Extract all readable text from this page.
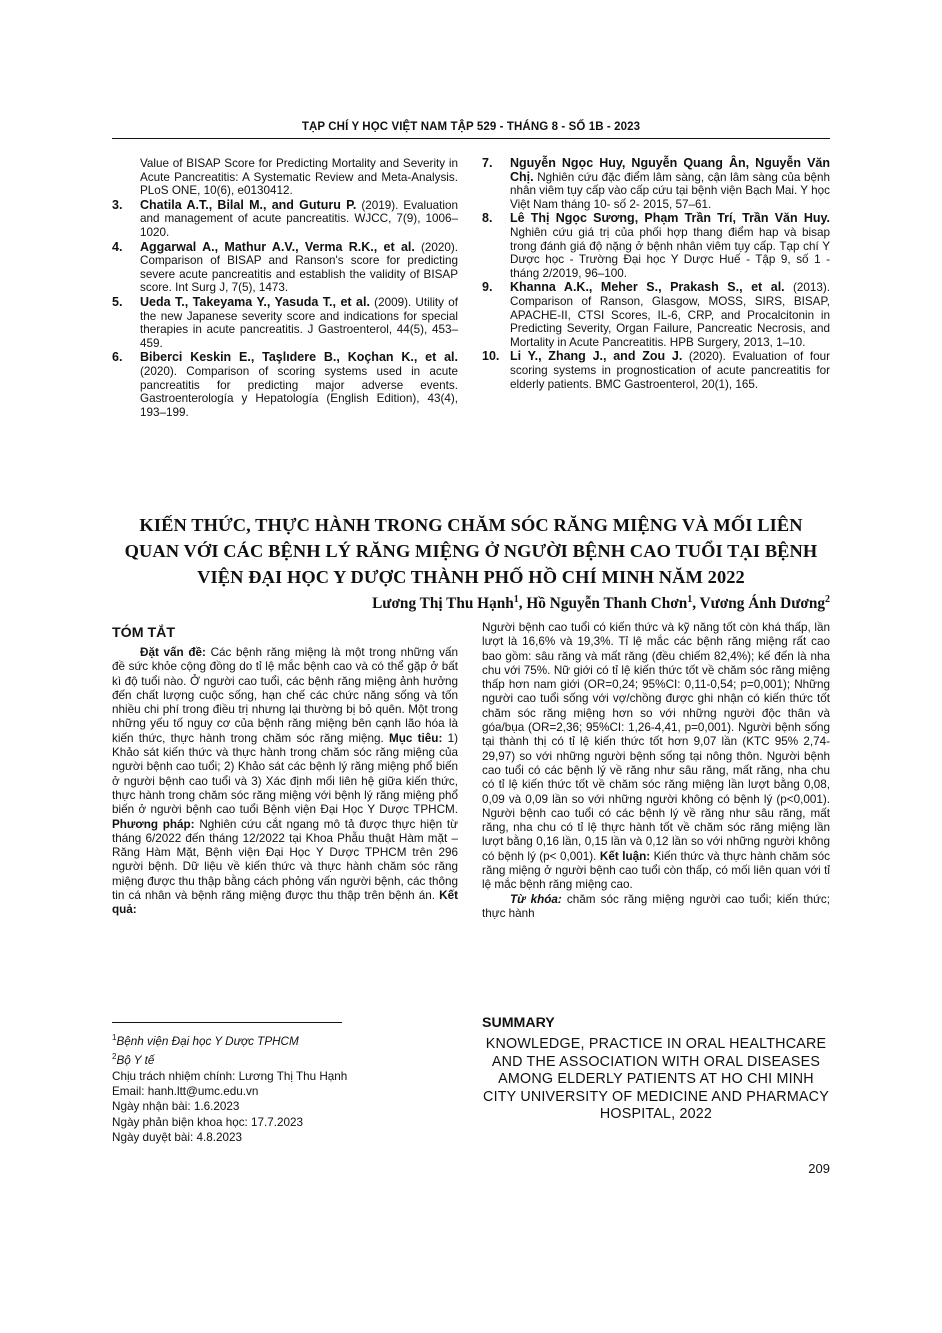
TẠP CHÍ Y HỌC VIỆT NAM TẬP 529 - THÁNG 8 - SỐ 1B - 2023
Value of BISAP Score for Predicting Mortality and Severity in Acute Pancreatitis: A Systematic Review and Meta-Analysis. PLoS ONE, 10(6), e0130412.
3. Chatila A.T., Bilal M., and Guturu P. (2019). Evaluation and management of acute pancreatitis. WJCC, 7(9), 1006–1020.
4. Aggarwal A., Mathur A.V., Verma R.K., et al. (2020). Comparison of BISAP and Ranson's score for predicting severe acute pancreatitis and establish the validity of BISAP score. Int Surg J, 7(5), 1473.
5. Ueda T., Takeyama Y., Yasuda T., et al. (2009). Utility of the new Japanese severity score and indications for special therapies in acute pancreatitis. J Gastroenterol, 44(5), 453–459.
6. Biberci Keskin E., Taşlıdere B., Koçhan K., et al. (2020). Comparison of scoring systems used in acute pancreatitis for predicting major adverse events. Gastroenterología y Hepatología (English Edition), 43(4), 193–199.
7. Nguyễn Ngọc Huy, Nguyễn Quang Ân, Nguyễn Văn Chị. Nghiên cứu đặc điểm lâm sàng, cận lâm sàng của bệnh nhân viêm tụy cấp vào cấp cứu tại bệnh viện Bạch Mai. Y học Việt Nam tháng 10- số 2- 2015, 57–61.
8. Lê Thị Ngọc Sương, Phạm Trần Trí, Trần Văn Huy. Nghiên cứu giá trị của phối hợp thang điểm hap và bisap trong đánh giá độ nặng ở bệnh nhân viêm tụy cấp. Tạp chí Y Dược học - Trường Đại học Y Dược Huế - Tập 9, số 1 - tháng 2/2019, 96–100.
9. Khanna A.K., Meher S., Prakash S., et al. (2013). Comparison of Ranson, Glasgow, MOSS, SIRS, BISAP, APACHE-II, CTSI Scores, IL-6, CRP, and Procalcitonin in Predicting Severity, Organ Failure, Pancreatic Necrosis, and Mortality in Acute Pancreatitis. HPB Surgery, 2013, 1–10.
10. Li Y., Zhang J., and Zou J. (2020). Evaluation of four scoring systems in prognostication of acute pancreatitis for elderly patients. BMC Gastroenterol, 20(1), 165.
KIẾN THỨC, THỰC HÀNH TRONG CHĂM SÓC RĂNG MIỆNG VÀ MỐI LIÊN QUAN VỚI CÁC BỆNH LÝ RĂNG MIỆNG Ở NGƯỜI BỆNH CAO TUỔI TẠI BỆNH VIỆN ĐẠI HỌC Y DƯỢC THÀNH PHỐ HỒ CHÍ MINH NĂM 2022
Lương Thị Thu Hạnh$^1$, Hồ Nguyễn Thanh Chơn$^1$, Vương Ánh Dương$^2$
TÓM TẮT
Đặt vấn đề: Các bệnh răng miệng là một trong những vấn đề sức khỏe cộng đồng do tỉ lệ mắc bệnh cao và có thể gặp ở bất kì độ tuổi nào. Ở người cao tuổi, các bệnh răng miệng ảnh hưởng đến chất lượng cuộc sống, hạn chế các chức năng sống và tốn nhiều chi phí trong điều trị nhưng lại thường bị bỏ quên. Một trong những yếu tố nguy cơ của bệnh răng miệng bên cạnh lão hóa là kiến thức, thực hành trong chăm sóc răng miệng. Mục tiêu: 1) Khảo sát kiến thức và thực hành trong chăm sóc răng miệng của người bệnh cao tuổi; 2) Khảo sát các bệnh lý răng miệng phổ biến ở người bệnh cao tuổi và 3) Xác định mối liên hệ giữa kiến thức, thực hành trong chăm sóc răng miệng với bệnh lý răng miệng phổ biến ở người bệnh cao tuổi Bệnh viện Đại Học Y Dược TPHCM. Phương pháp: Nghiên cứu cắt ngang mô tả được thực hiện từ tháng 6/2022 đến tháng 12/2022 tại Khoa Phẫu thuật Hàm mặt – Răng Hàm Mặt, Bệnh viện Đại Học Y Dược TPHCM trên 296 người bệnh. Dữ liệu về kiến thức và thực hành chăm sóc răng miệng được thu thập bằng cách phỏng vấn người bệnh, các thông tin cá nhân và bệnh răng miệng được thu thập trên bệnh án. Kết quả:
Người bệnh cao tuổi có kiến thức và kỹ năng tốt còn khá thấp, lần lượt là 16,6% và 19,3%. Tỉ lệ mắc các bệnh răng miệng rất cao bao gồm: sâu răng và mất răng (đều chiếm 82,4%); kế đến là nha chu với 75%. Nữ giới có tỉ lệ kiến thức tốt về chăm sóc răng miệng thấp hơn nam giới (OR=0,24; 95%CI: 0,11-0,54; p=0,001); Những người cao tuổi sống với vợ/chồng được ghi nhận có kiến thức tốt chăm sóc răng miệng hơn so với những người độc thân và góa/bụa (OR=2,36; 95%CI: 1,26-4,41, p=0,001). Người bệnh sống tại thành thị có tỉ lệ kiến thức tốt hơn 9,07 lần (KTC 95% 2,74-29,97) so với những người bệnh sống tại nông thôn. Người bệnh cao tuổi có các bệnh lý về răng như sâu răng, mất răng, nha chu có tỉ lệ kiến thức tốt về chăm sóc răng miệng lần lượt bằng 0,08, 0,09 và 0,09 lần so với những người không có bệnh lý (p<0,001). Người bệnh cao tuổi có các bệnh lý về răng như sâu răng, mất răng, nha chu có tỉ lệ thực hành tốt về chăm sóc răng miệng lần lượt bằng 0,16 lần, 0,15 lần và 0,12 lần so với những người không có bệnh lý (p< 0,001). Kết luận: Kiến thức và thực hành chăm sóc răng miệng ở người bệnh cao tuổi còn thấp, có mối liên quan với tỉ lệ mắc bệnh răng miệng cao.
Từ khóa: chăm sóc răng miệng người cao tuổi; kiến thức; thực hành
$^1$Bệnh viện Đại học Y Dược TPHCM
$^2$Bộ Y tế
Chịu trách nhiệm chính: Lương Thị Thu Hạnh
Email: hanh.ltt@umc.edu.vn
Ngày nhận bài: 1.6.2023
Ngày phản biện khoa học: 17.7.2023
Ngày duyệt bài: 4.8.2023
SUMMARY
KNOWLEDGE, PRACTICE IN ORAL HEALTHCARE AND THE ASSOCIATION WITH ORAL DISEASES AMONG ELDERLY PATIENTS AT HO CHI MINH CITY UNIVERSITY OF MEDICINE AND PHARMACY HOSPITAL, 2022
209
